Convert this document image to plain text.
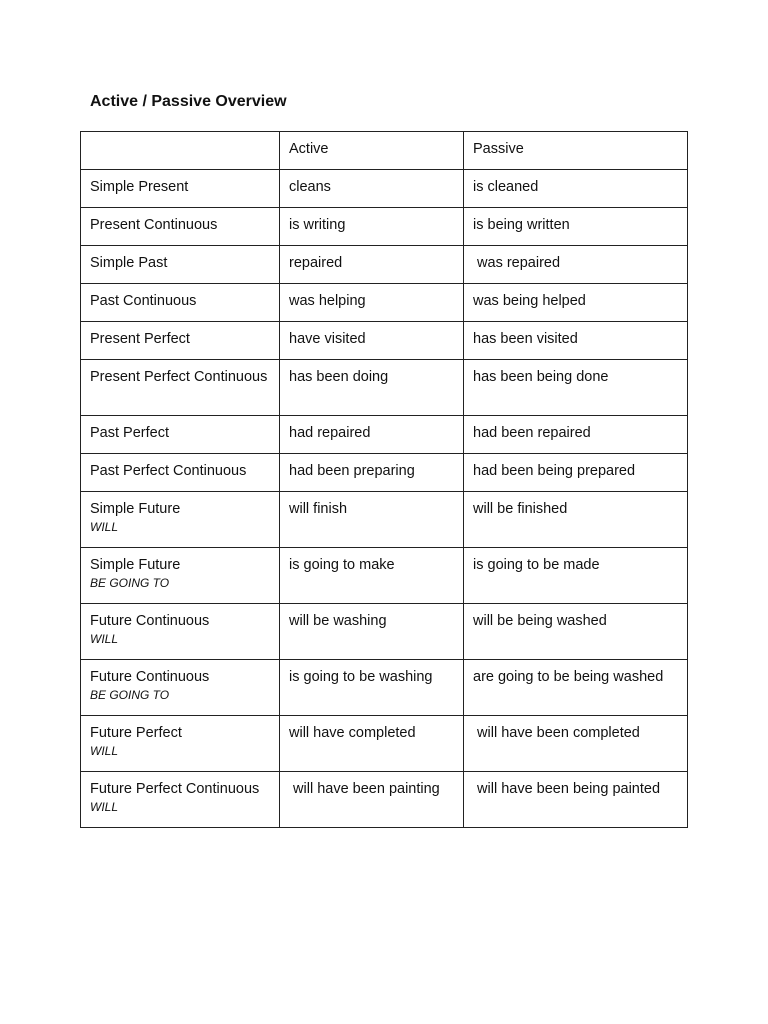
Active / Passive Overview
	Active	Passive

Simple Present	cleans	is cleaned

Present Continuous	is writing	is being written

Simple Past	repaired	was repaired

Past Continuous	was helping	was being helped

Present Perfect	have visited	has been visited

Present Perfect Continuous	has been doing	has been being done

Past Perfect	had repaired	had been repaired

Past Perfect Continuous	had been preparing	had been being prepared

Simple Future
WILL	will finish	will be finished

Simple Future
BE GOING TO	is going to make	is going to be made

Future Continuous
WILL	will be washing	will be being washed

Future Continuous
BE GOING TO	is going to be washing	are going to be being washed

Future Perfect
WILL	will have completed	will have been completed

Future Perfect Continuous
WILL	will have been painting	will have been being painted
